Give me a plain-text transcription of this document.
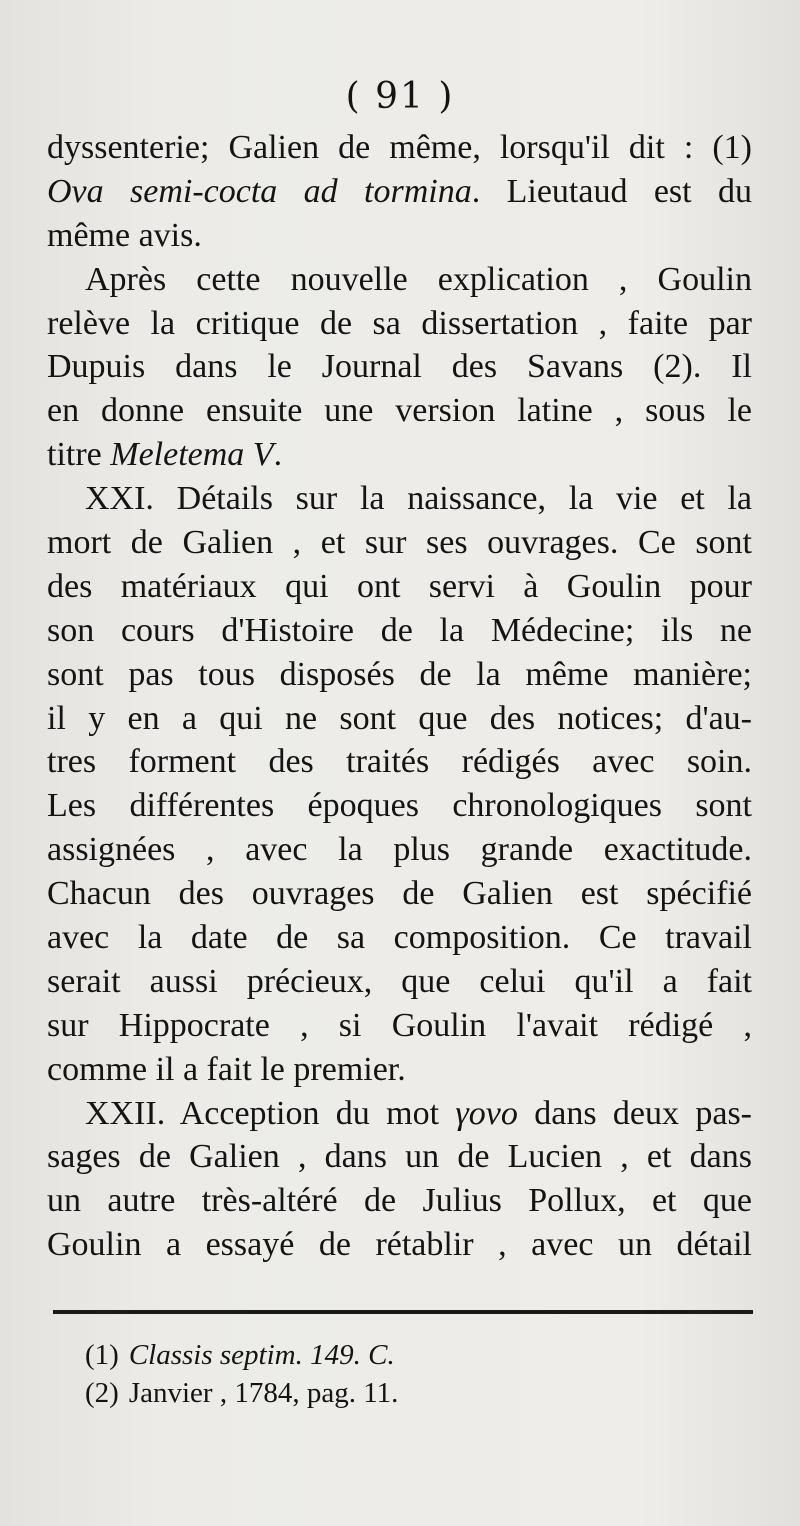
( 91 )
dyssenterie; Galien de même, lorsqu'il dit : (1)
Ova semi-cocta ad tormina. Lieutaud est du
même avis.
Après cette nouvelle explication , Goulin
relève la critique de sa dissertation , faite par
Dupuis dans le Journal des Savans (2). Il
en donne ensuite une version latine , sous le
titre Meletema V.
XXI. Détails sur la naissance, la vie et la
mort de Galien , et sur ses ouvrages. Ce sont
des matériaux qui ont servi à Goulin pour
son cours d'Histoire de la Médecine; ils ne
sont pas tous disposés de la même manière;
il y en a qui ne sont que des notices; d'au-
tres forment des traités rédigés avec soin.
Les différentes époques chronologiques sont
assignées , avec la plus grande exactitude.
Chacun des ouvrages de Galien est spécifié
avec la date de sa composition. Ce travail
serait aussi précieux, que celui qu'il a fait
sur Hippocrate , si Goulin l'avait rédigé ,
comme il a fait le premier.
XXII. Acception du mot γονο dans deux pas-
sages de Galien , dans un de Lucien , et dans
un autre très-altéré de Julius Pollux, et que
Goulin a essayé de rétablir , avec un détail
(1) Classis septim. 149. C.
(2) Janvier , 1784, pag. 11.
